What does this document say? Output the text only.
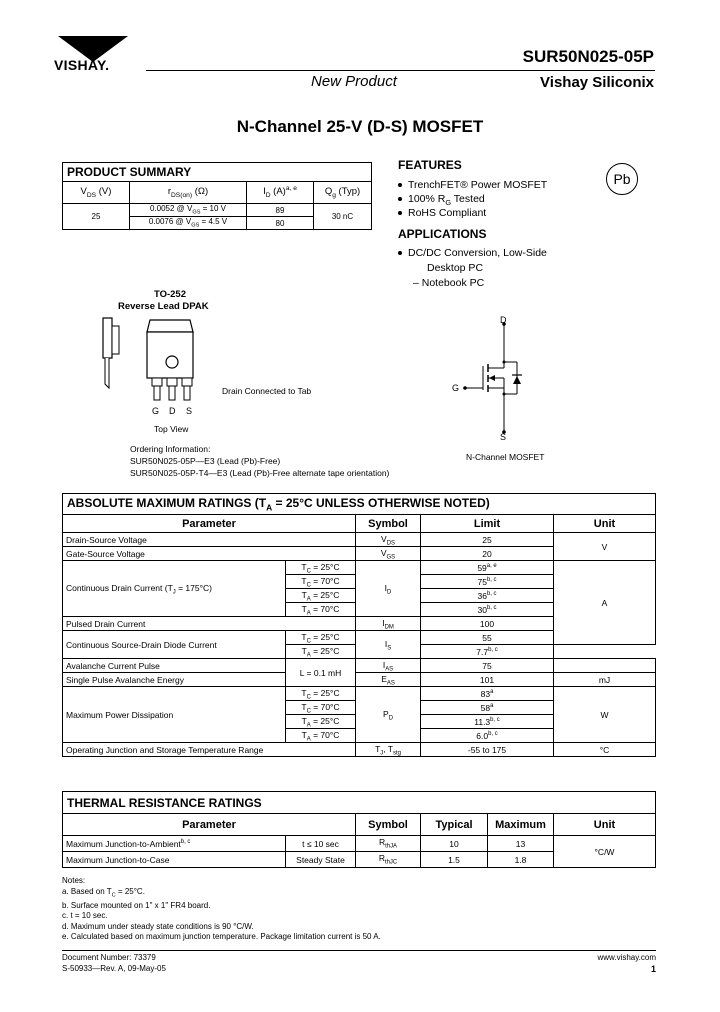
VISHAY.	SUR50N025-05P
New Product	Vishay Siliconix
N-Channel 25-V (D-S) MOSFET
PRODUCT SUMMARY			
$V_{DS}$ (V)	$r_{DS(on)}$ (Ω)	$I_D$ $(A)^{a, e}$	$Q_g$ (Typ)
25	0.0052 @ $V_{GS} = 10$ V	89	30 nC
	0.0076 @ $V_{GS} = 4.5$ V	80	
FEATURES
TrenchFET® Power MOSFET
100% $R_G$ Tested
RoHS Compliant
Pb
APPLICATIONS
DC/DC Conversion, Low-Side
Desktop PC
– Notebook PC
TO-252
Reverse Lead DPAK
G D S
Top View
Drain Connected to Tab
Ordering Information:
SUR50N025-05P—E3 (Lead (Pb)-Free)
SUR50N025-05P-T4—E3 (Lead (Pb)-Free alternate tape orientation)
D
G
S
N-Channel MOSFET
ABSOLUTE MAXIMUM RATINGS ($T_A = 25^\circ C$ UNLESS OTHERWISE NOTED)				
Parameter		Symbol	Limit	Unit
Drain-Source Voltage		$V_{DS}$	25	V
Gate-Source Voltage		$V_{GS}$	20	
Continuous Drain Current $(T_J = 175^\circ C)$	$T_C = 25^\circ C$	$I_D$	59$^{a, e}$	A
	$T_C = 70^\circ C$		75$^{b, c}$
	$T_A = 25^\circ C$		36$^{b, c}$
	$T_A = 70^\circ C$		30$^{b, c}$
Pulsed Drain Current		$I_{DM}$	100	
Continuous Source-Drain Diode Current	$T_C = 25^\circ C$	$I_S$	55	
	$T_A = 25^\circ C$		7.7$^{b, c}$
Avalanche Current Pulse	L = 0.1 mH	$I_{AS}$	75	
Single Pulse Avalanche Energy		$E_{AS}$	101	mJ
Maximum Power Dissipation	$T_C = 25^\circ C$	$P_D$	83$^a$	W
	$T_C = 70^\circ C$		58$^a$
	$T_A = 25^\circ C$		11.3$^{b, c}$
	$T_A = 70^\circ C$		6.0$^{b, c}$
Operating Junction and Storage Temperature Range		$T_J$, $T_{stg}$	-55 to 175	°C
THERMAL RESISTANCE RATINGS					
Parameter		Symbol	Typical	Maximum	Unit
Maximum Junction-to-Ambient$^{b, c}$	t ≤ 10 sec	$R_{thJA}$	10	13	°C/W
Maximum Junction-to-Case	Steady State	$R_{thJC}$	1.5	1.8	
Notes:
a. Based on $T_C = 25^\circ C$.
b. Surface mounted on 1" x 1" FR4 board.
c. t = 10 sec.
d. Maximum under steady state conditions is 90 °C/W.
e. Calculated based on maximum junction temperature. Package limitation current is 50 A.
Document Number: 73379
S-50933—Rev. A, 09-May-05
www.vishay.com
1
